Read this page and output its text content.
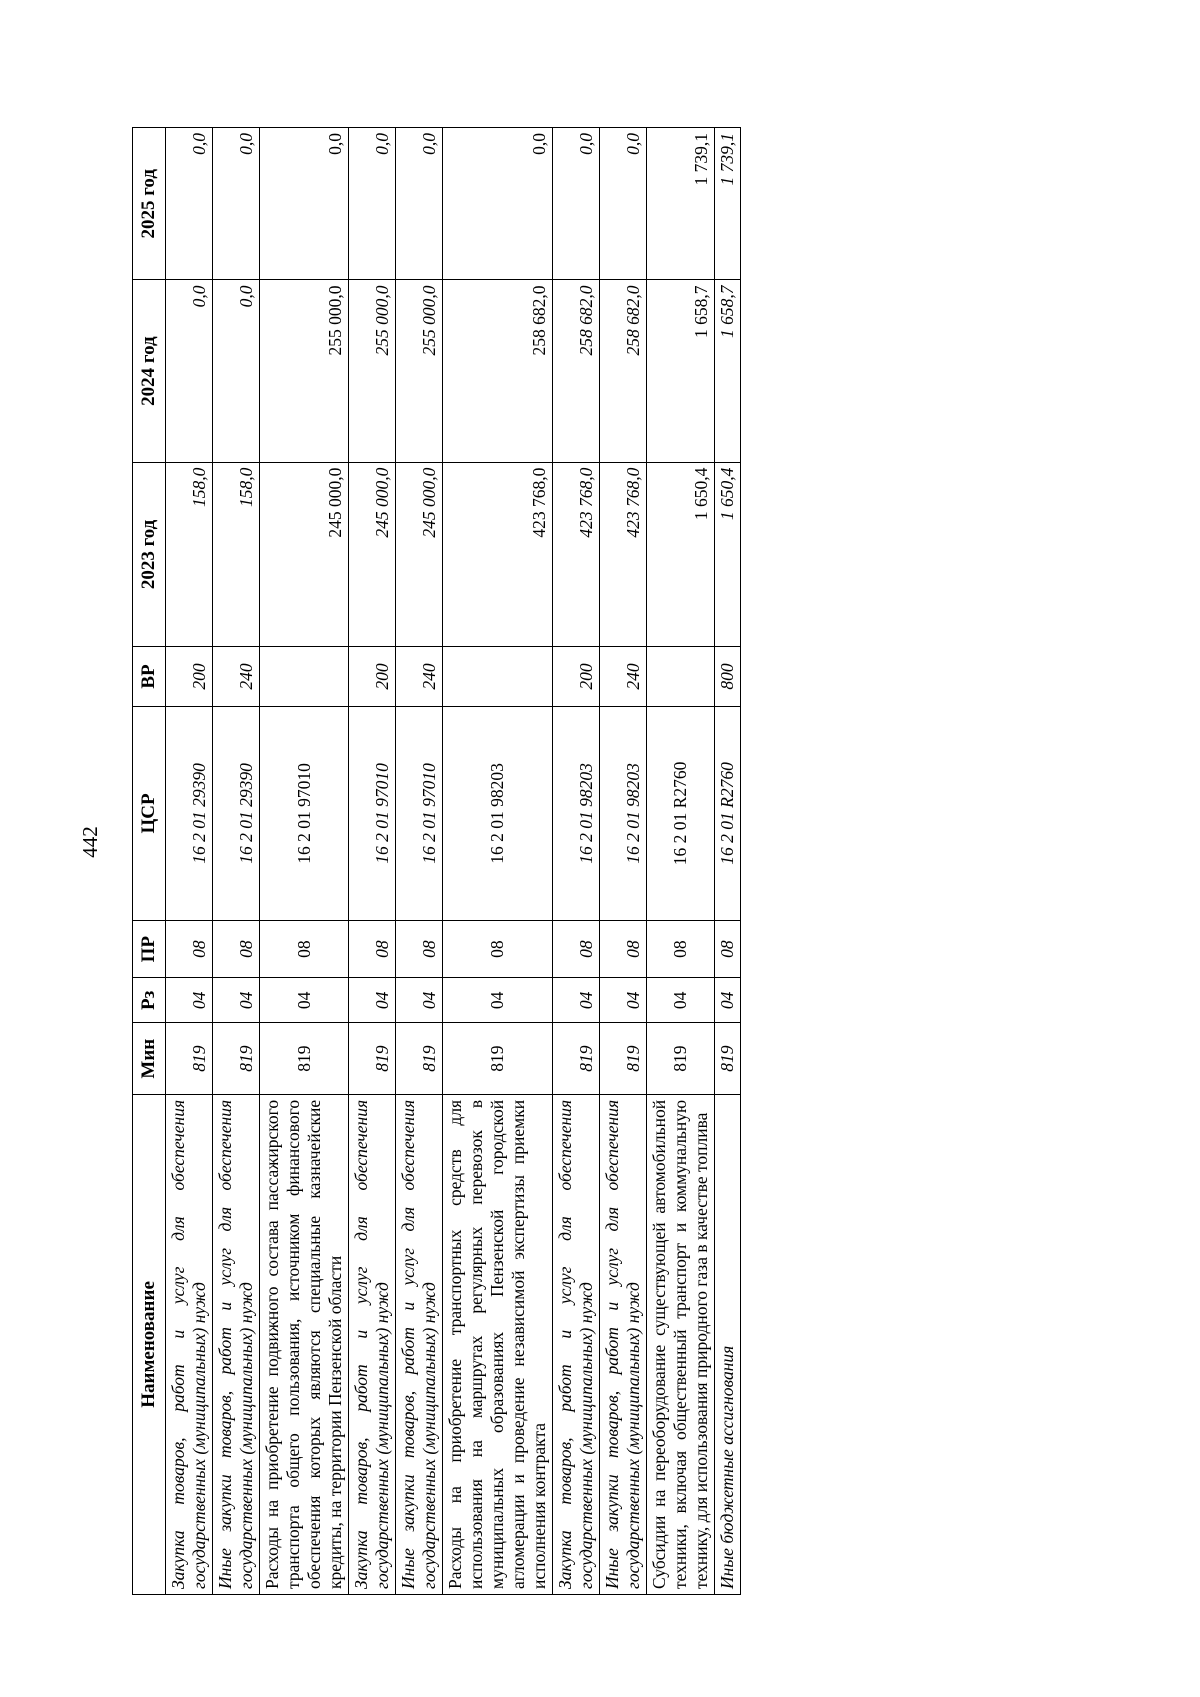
442
Наименование	Мин	Рз	ПР	ЦСР	ВР	2023 год	2024 год	2025 год
Закупка товаров, работ и услуг для обеспечения государственных (муниципальных) нужд	819	04	08	16 2 01 29390	200	158,0	0,0	0,0
Иные закупки товаров, работ и услуг для обеспечения государственных (муниципальных) нужд	819	04	08	16 2 01 29390	240	158,0	0,0	0,0
Расходы на приобретение подвижного состава пассажирского транспорта общего пользования, источником финансового обеспечения которых являются специальные казначейские кредиты, на территории Пензенской области	819	04	08	16 2 01 97010		245 000,0	255 000,0	0,0
Закупка товаров, работ и услуг для обеспечения государственных (муниципальных) нужд	819	04	08	16 2 01 97010	200	245 000,0	255 000,0	0,0
Иные закупки товаров, работ и услуг для обеспечения государственных (муниципальных) нужд	819	04	08	16 2 01 97010	240	245 000,0	255 000,0	0,0
Расходы на приобретение транспортных средств для использования на маршрутах регулярных перевозок в муниципальных образованиях Пензенской городской агломерации и проведение независимой экспертизы приемки исполнения контракта	819	04	08	16 2 01 98203		423 768,0	258 682,0	0,0
Закупка товаров, работ и услуг для обеспечения государственных (муниципальных) нужд	819	04	08	16 2 01 98203	200	423 768,0	258 682,0	0,0
Иные закупки товаров, работ и услуг для обеспечения государственных (муниципальных) нужд	819	04	08	16 2 01 98203	240	423 768,0	258 682,0	0,0
Субсидии на переоборудование существующей автомобильной техники, включая общественный транспорт и коммунальную технику, для использования природного газа в качестве топлива	819	04	08	16 2 01 R2760		1 650,4	1 658,7	1 739,1
Иные бюджетные ассигнования	819	04	08	16 2 01 R2760	800	1 650,4	1 658,7	1 739,1
